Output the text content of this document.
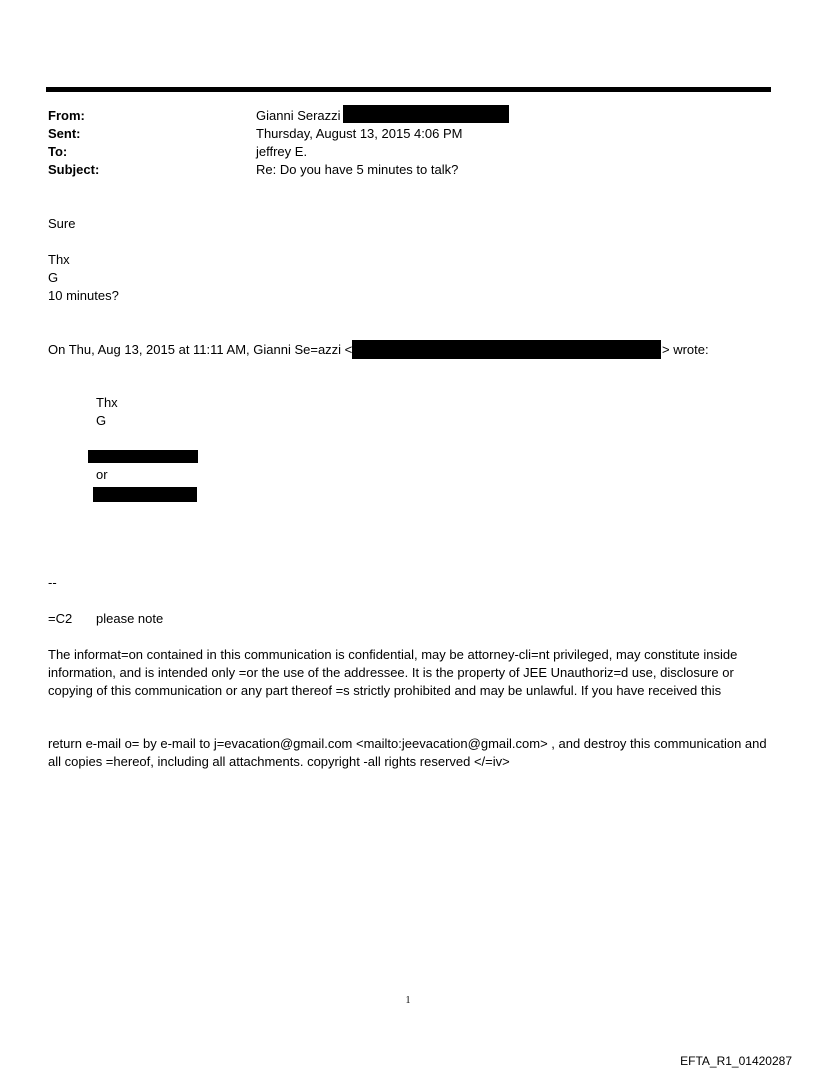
From:	Gianni Serazzi
Sent:	Thursday, August 13, 2015 4:06 PM
To:	jeffrey E.
Subject:	Re: Do you have 5 minutes to talk?
Sure
Thx
G
10 minutes?
On Thu, Aug 13, 2015 at 11:11 AM, Gianni Se=azzi <	> wrote:
Thx
G
or
--
=C2 please note
The informat=on contained in this communication is confidential, may be attorney-cli=nt privileged, may constitute inside information, and is intended only =or the use of the addressee. It is the property of JEE Unauthoriz=d use, disclosure or copying of this communication or any part thereof =s strictly prohibited and may be unlawful. If you have received this
return e-mail o= by e-mail to j=evacation@gmail.com <mailto:jeevacation@gmail.com> , and destroy this communication and all copies =hereof, including all attachments. copyright -all rights reserved </=iv>
1
EFTA_R1_01420287
